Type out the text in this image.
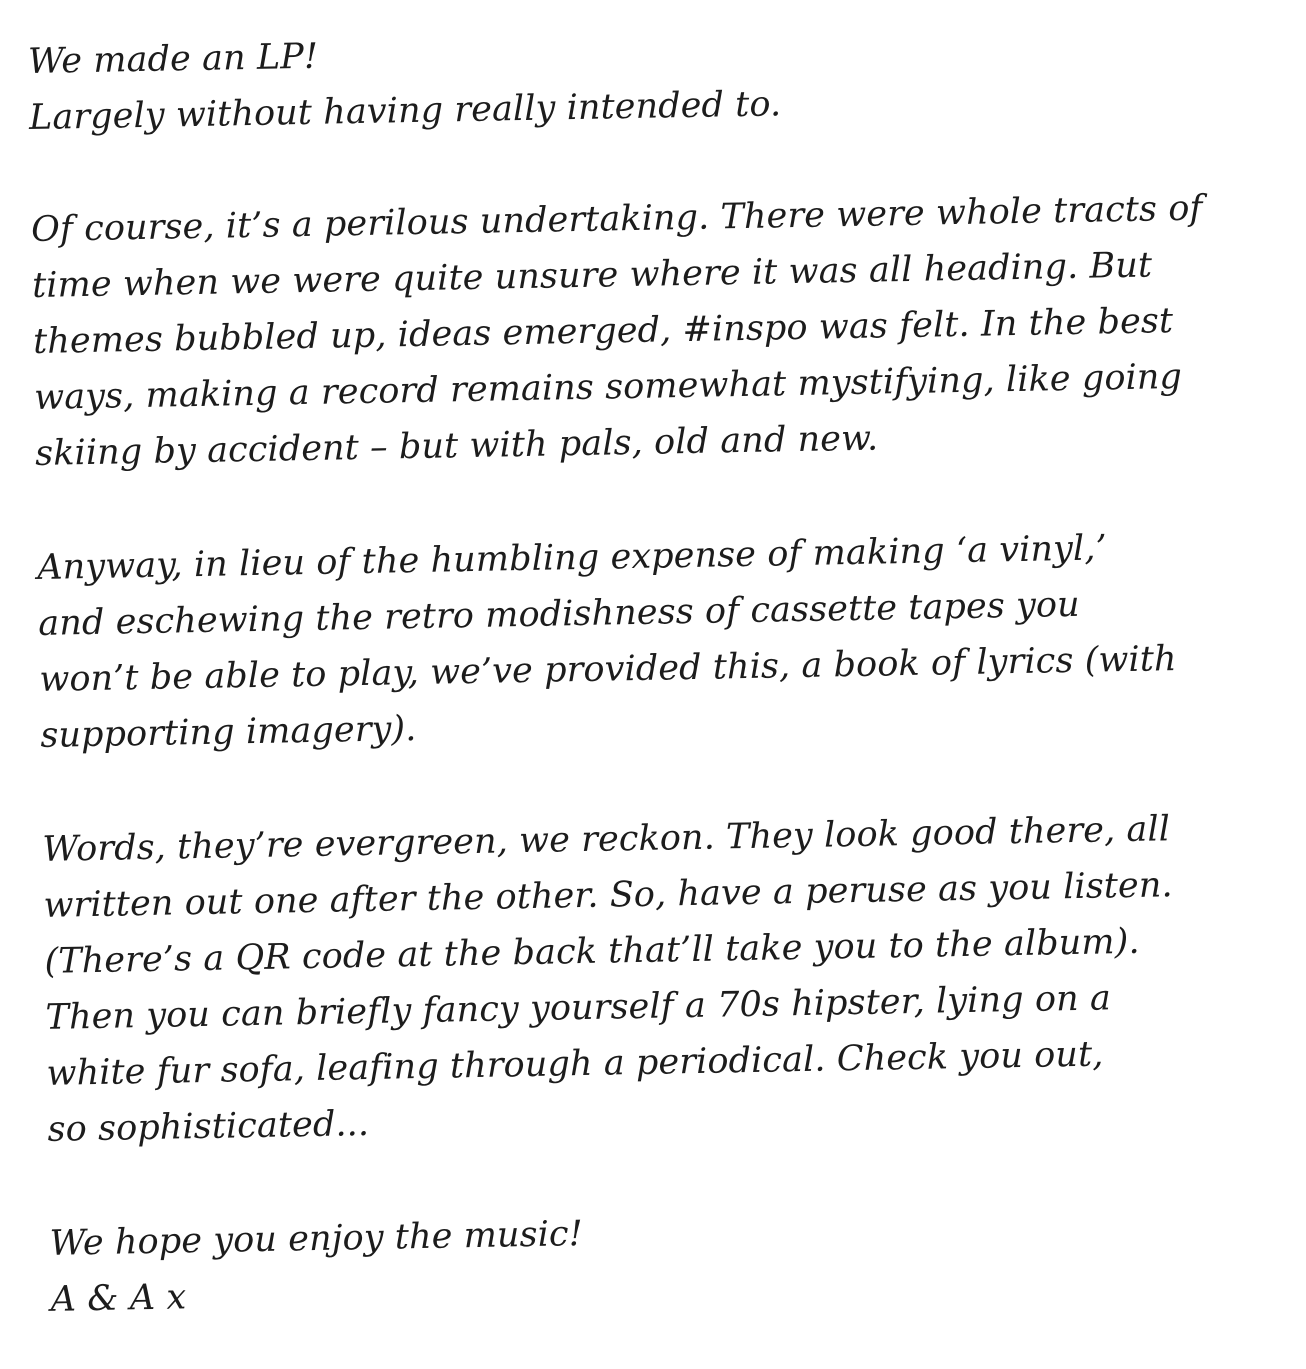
We made an LP!

Largely without having really intended to.

Of course, it’s a perilous undertaking. There were whole tracts of

time when we were quite unsure where it was all heading. But

themes bubbled up, ideas emerged, #inspo was felt. In the best

ways, making a record remains somewhat mystifying, like going

skiing by accident – but with pals, old and new.

Anyway, in lieu of the humbling expense of making ‘a vinyl,’

and eschewing the retro modishness of cassette tapes you

won’t be able to play, we’ve provided this, a book of lyrics (with

supporting imagery).

Words, they’re evergreen, we reckon. They look good there, all

written out one after the other. So, have a peruse as you listen.

(There’s a QR code at the back that’ll take you to the album).

Then you can briefly fancy yourself a 70s hipster, lying on a

white fur sofa, leafing through a periodical. Check you out,

so sophisticated...

We hope you enjoy the music!

A & A x
